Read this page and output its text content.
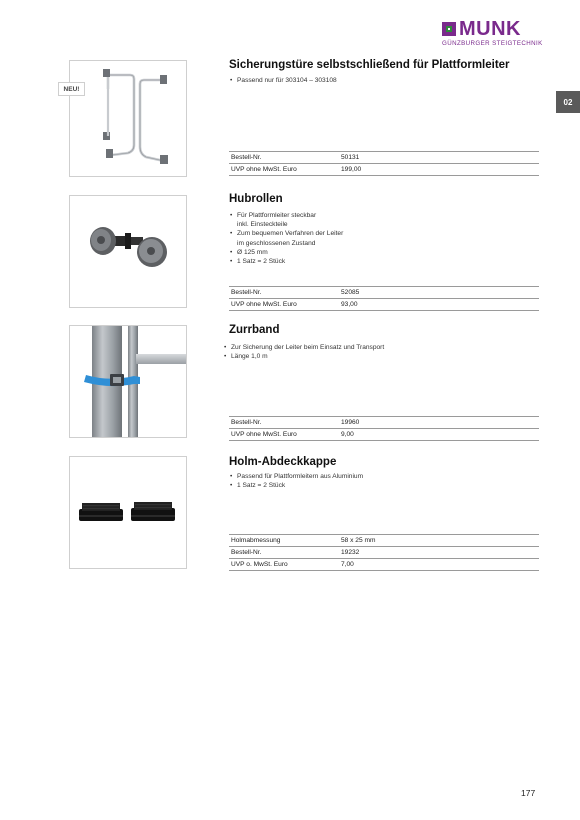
MUNK
GÜNZBURGER STEIGTECHNIK
02
NEU!
Sicherungstüre selbstschließend für Plattformleiter
• Passend nur für 303104 – 303108
Bestell-Nr.	50131
UVP ohne MwSt. Euro	199,00
Hubrollen
• Für Plattformleiter steckbar
inkl. Einsteckteile
• Zum bequemen Verfahren der Leiter
im geschlossenen Zustand
• Ø 125 mm
• 1 Satz = 2 Stück
Bestell-Nr.	52085
UVP ohne MwSt. Euro	93,00
Zurrband
• Zur Sicherung der Leiter beim Einsatz und Transport
• Länge 1,0 m
Bestell-Nr.	19960
UVP ohne MwSt. Euro	9,00
Holm-Abdeckkappe
• Passend für Plattformleitern aus Aluminium
• 1 Satz = 2 Stück
Holmabmessung	58 x 25 mm
Bestell-Nr.	19232
UVP o. MwSt. Euro	7,00
177
